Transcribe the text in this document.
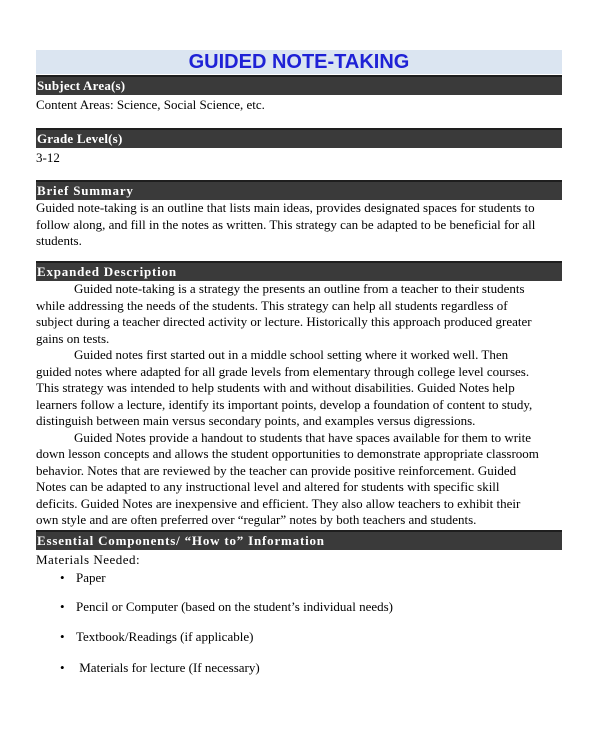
GUIDED NOTE-TAKING
Subject Area(s)
Content Areas: Science, Social Science, etc.
Grade Level(s)
3-12
Brief Summary
Guided note-taking is an outline that lists main ideas, provides designated spaces for students to
follow along, and fill in the notes as written. This strategy can be adapted to be beneficial for all
students.
Expanded Description
Guided note-taking is a strategy the presents an outline from a teacher to their students
while addressing the needs of the students. This strategy can help all students regardless of
subject during a teacher directed activity or lecture. Historically this approach produced greater
gains on tests.
Guided notes first started out in a middle school setting where it worked well. Then
guided notes where adapted for all grade levels from elementary through college level courses.
This strategy was intended to help students with and without disabilities. Guided Notes help
learners follow a lecture, identify its important points, develop a foundation of content to study,
distinguish between main versus secondary points, and examples versus digressions.
Guided Notes provide a handout to students that have spaces available for them to write
down lesson concepts and allows the student opportunities to demonstrate appropriate classroom
behavior. Notes that are reviewed by the teacher can provide positive reinforcement. Guided
Notes can be adapted to any instructional level and altered for students with specific skill
deficits. Guided Notes are inexpensive and efficient. They also allow teachers to exhibit their
own style and are often preferred over “regular” notes by both teachers and students.
Essential Components/ “How to” Information
Materials Needed:
• Paper
• Pencil or Computer (based on the student’s individual needs)
• Textbook/Readings (if applicable)
• Materials for lecture (If necessary)
